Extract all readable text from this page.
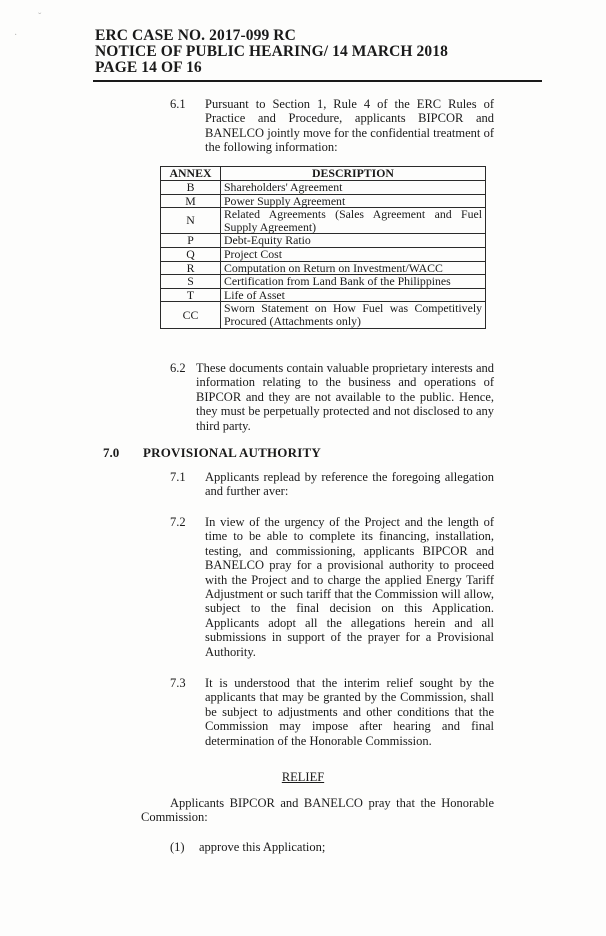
ˇ
·	ERC CASE NO. 2017-099 RC
NOTICE OF PUBLIC HEARING/ 14 MARCH 2018
PAGE 14 OF 16
6.1 Pursuant to Section 1, Rule 4 of the ERC Rules of Practice and Procedure, applicants BIPCOR and BANELCO jointly move for the confidential treatment of the following information:
ANNEX	DESCRIPTION
B	Shareholders' Agreement
M	Power Supply Agreement
N	Related Agreements (Sales Agreement and Fuel Supply Agreement)
P	Debt-Equity Ratio
Q	Project Cost
R	Computation on Return on Investment/WACC
S	Certification from Land Bank of the Philippines
T	Life of Asset
CC	Sworn Statement on How Fuel was Competitively Procured (Attachments only)
6.2 These documents contain valuable proprietary interests and information relating to the business and operations of BIPCOR and they are not available to the public. Hence, they must be perpetually protected and not disclosed to any third party.
7.0 PROVISIONAL AUTHORITY
7.1 Applicants replead by reference the foregoing allegation and further aver:
7.2 In view of the urgency of the Project and the length of time to be able to complete its financing, installation, testing, and commissioning, applicants BIPCOR and BANELCO pray for a provisional authority to proceed with the Project and to charge the applied Energy Tariff Adjustment or such tariff that the Commission will allow, subject to the final decision on this Application. Applicants adopt all the allegations herein and all submissions in support of the prayer for a Provisional Authority.
7.3 It is understood that the interim relief sought by the applicants that may be granted by the Commission, shall be subject to adjustments and other conditions that the Commission may impose after hearing and final determination of the Honorable Commission.
RELIEF
Applicants BIPCOR and BANELCO pray that the Honorable Commission:
(1) approve this Application;
